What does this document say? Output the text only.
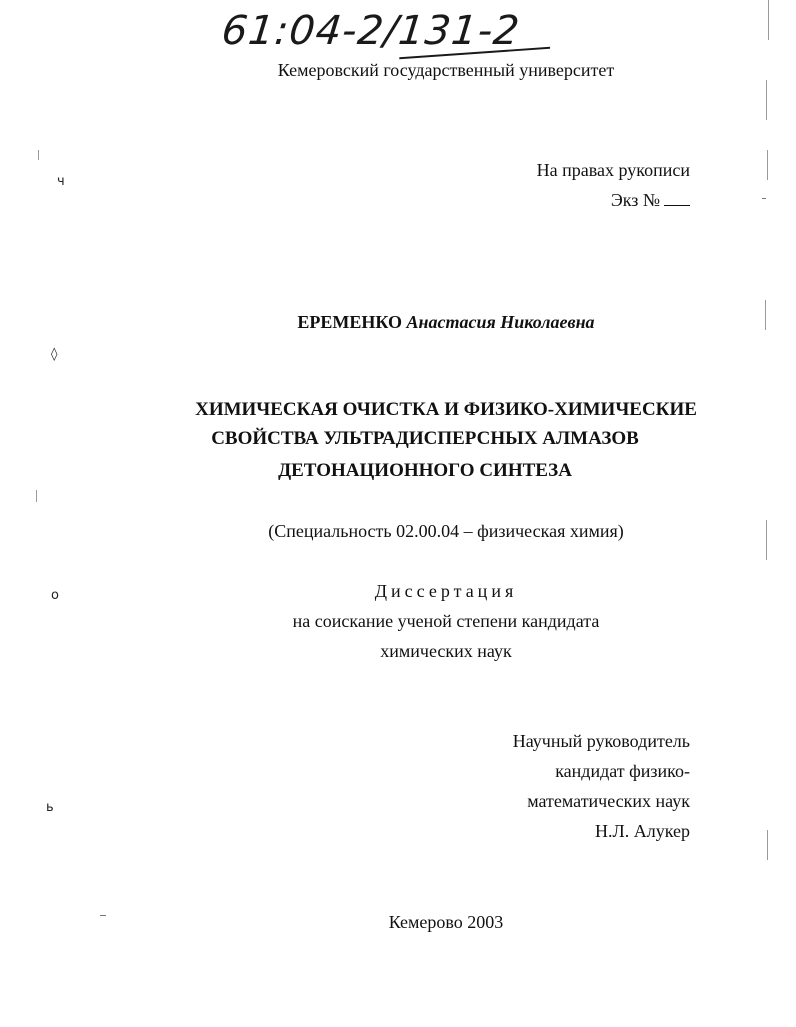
61:04-2/131-2
Кемеровский государственный университет
На правах рукописи
Экз №
ЕРЕМЕНКО Анастасия Николаевна
ХИМИЧЕСКАЯ ОЧИСТКА И ФИЗИКО-ХИМИЧЕСКИЕ
СВОЙСТВА УЛЬТРАДИСПЕРСНЫХ АЛМАЗОВ
ДЕТОНАЦИОННОГО СИНТЕЗА
(Специальность 02.00.04 – физическая химия)
Диссертация
на соискание ученой степени кандидата
химических наук
Научный руководитель
кандидат физико-
математических наук
Н.Л. Алукер
Кемерово 2003
ч
◊
о
ь
